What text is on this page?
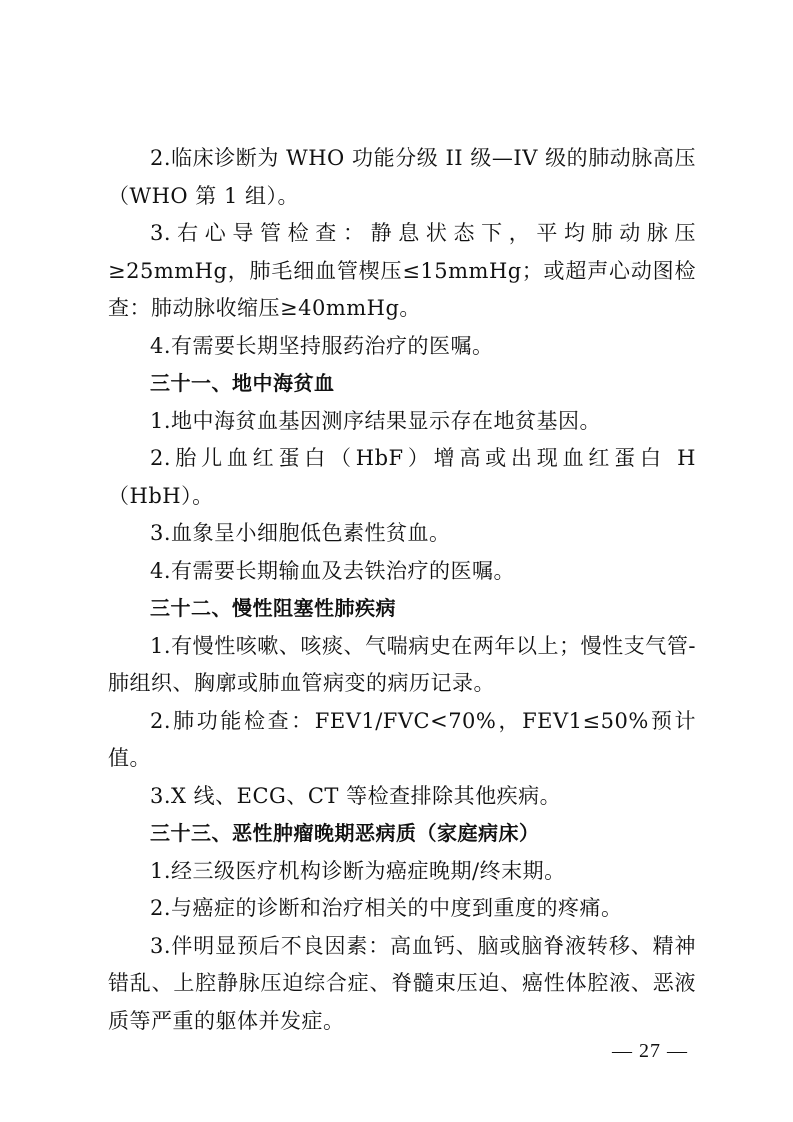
2.临床诊断为 WHO 功能分级 II 级—IV 级的肺动脉高压（WHO 第 1 组）。

3.右心导管检查：静息状态下，平均肺动脉压≥25mmHg，肺毛细血管楔压≤15mmHg；或超声心动图检查：肺动脉收缩压≥40mmHg。

4.有需要长期坚持服药治疗的医嘱。

三十一、地中海贫血

1.地中海贫血基因测序结果显示存在地贫基因。

2.胎儿血红蛋白（HbF）增高或出现血红蛋白 H（HbH）。

3.血象呈小细胞低色素性贫血。

4.有需要长期输血及去铁治疗的医嘱。

三十二、慢性阻塞性肺疾病

1.有慢性咳嗽、咳痰、气喘病史在两年以上；慢性支气管-肺组织、胸廓或肺血管病变的病历记录。

2.肺功能检查：FEV1/FVC<70%，FEV1≤50%预计值。

3.X 线、ECG、CT 等检查排除其他疾病。

三十三、恶性肿瘤晚期恶病质（家庭病床）

1.经三级医疗机构诊断为癌症晚期/终末期。

2.与癌症的诊断和治疗相关的中度到重度的疼痛。

3.伴明显预后不良因素：高血钙、脑或脑脊液转移、精神错乱、上腔静脉压迫综合症、脊髓束压迫、癌性体腔液、恶液质等严重的躯体并发症。

— 27 —
